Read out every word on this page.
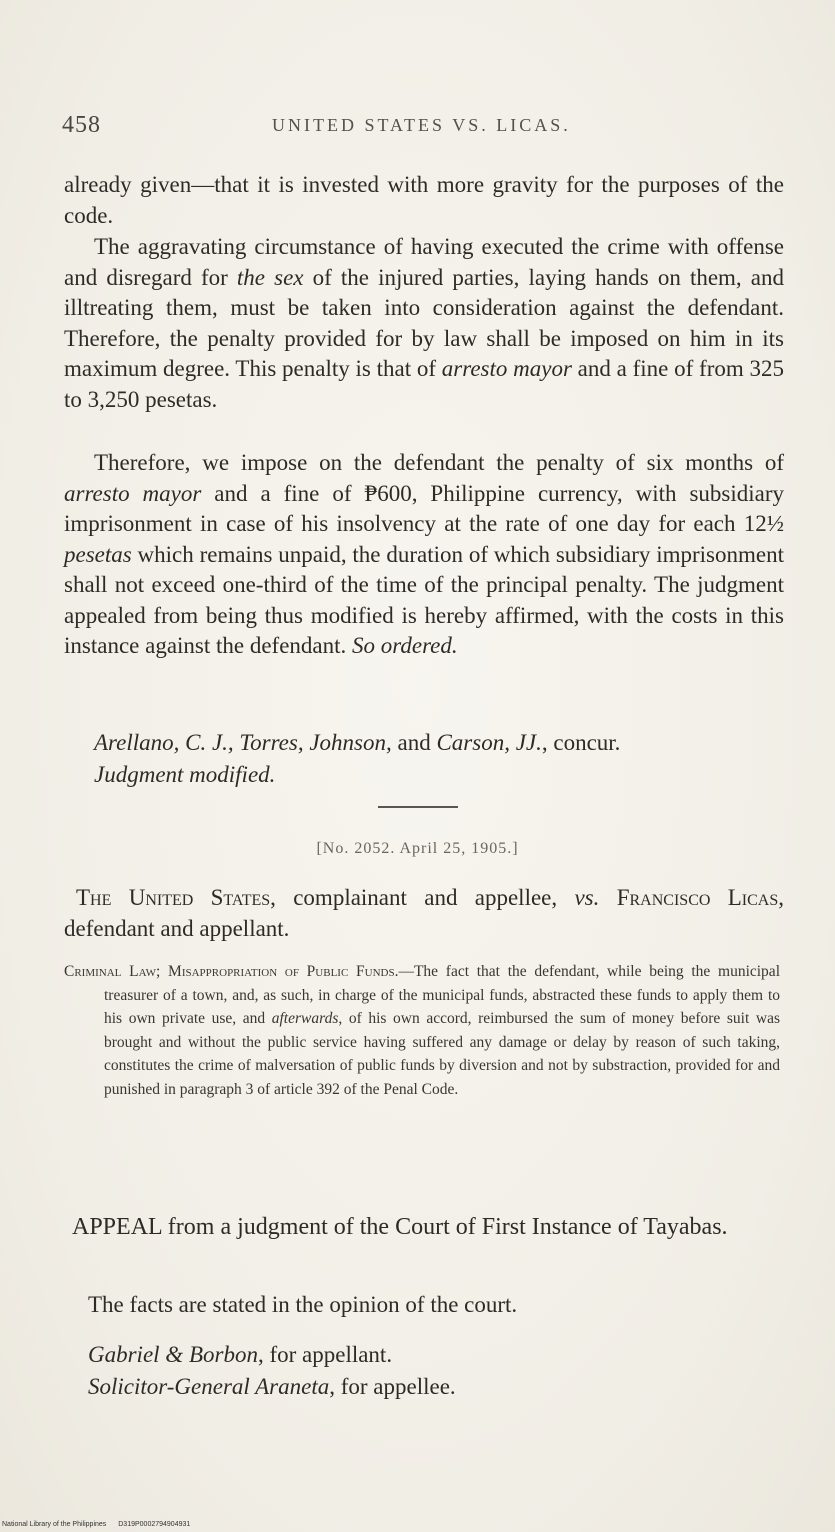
458	UNITED STATES VS. LICAS.

already given—that it is invested with more gravity for the purposes of the code.

The aggravating circumstance of having executed the crime with offense and disregard for the sex of the injured parties, laying hands on them, and illtreating them, must be taken into consideration against the defendant. Therefore, the penalty provided for by law shall be imposed on him in its maximum degree. This penalty is that of arresto mayor and a fine of from 325 to 3,250 pesetas.

Therefore, we impose on the defendant the penalty of six months of arresto mayor and a fine of ₱600, Philippine currency, with subsidiary imprisonment in case of his insolvency at the rate of one day for each 12½ pesetas which remains unpaid, the duration of which subsidiary imprisonment shall not exceed one-third of the time of the principal penalty. The judgment appealed from being thus modified is hereby affirmed, with the costs in this instance against the defendant. So ordered.

Arellano, C. J., Torres, Johnson, and Carson, JJ., concur.

Judgment modified.

[No. 2052. April 25, 1905.]
The United States, complainant and appellee, vs. Francisco Licas, defendant and appellant.
Criminal Law; Misappropriation of Public Funds.—The fact that the defendant, while being the municipal treasurer of a town, and, as such, in charge of the municipal funds, abstracted these funds to apply them to his own private use, and afterwards, of his own accord, reimbursed the sum of money before suit was brought and without the public service having suffered any damage or delay by reason of such taking, constitutes the crime of malversation of public funds by diversion and not by substraction, provided for and punished in paragraph 3 of article 392 of the Penal Code.
APPEAL from a judgment of the Court of First Instance of Tayabas.
The facts are stated in the opinion of the court.
Gabriel & Borbon, for appellant.
Solicitor-General Araneta, for appellee.
National Library of the Philippines D319P0002794904931
